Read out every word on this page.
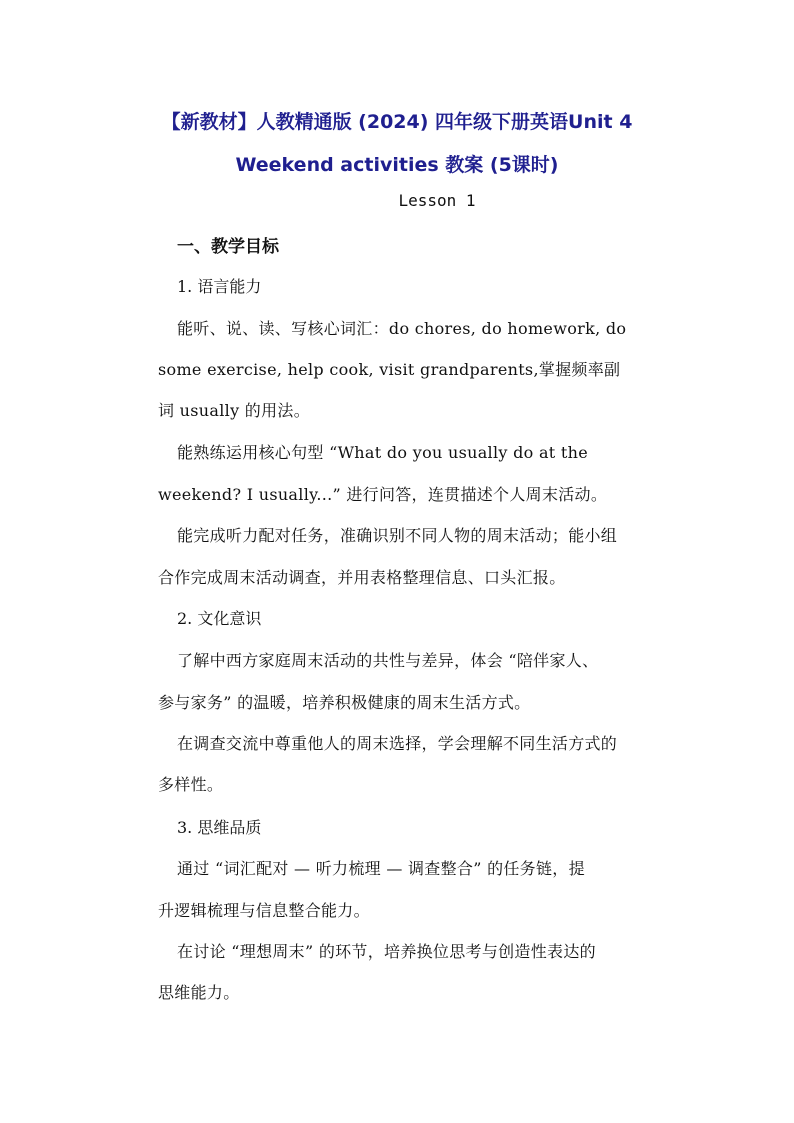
【新教材】人教精通版 (2024) 四年级下册英语Unit 4
Weekend activities 教案 (5课时)
Lesson 1
一、教学目标
1. 语言能力
能听、说、读、写核心词汇：do chores, do homework, do
some exercise, help cook, visit grandparents,掌握频率副
词 usually 的用法。
能熟练运用核心句型 “What do you usually do at the
weekend? I usually...” 进行问答，连贯描述个人周末活动。
能完成听力配对任务，准确识别不同人物的周末活动；能小组
合作完成周末活动调查，并用表格整理信息、口头汇报。
2. 文化意识
了解中西方家庭周末活动的共性与差异，体会 “陪伴家人、
参与家务” 的温暖，培养积极健康的周末生活方式。
在调查交流中尊重他人的周末选择，学会理解不同生活方式的
多样性。
3. 思维品质
通过 “词汇配对 — 听力梳理 — 调查整合” 的任务链，提
升逻辑梳理与信息整合能力。
在讨论 “理想周末” 的环节，培养换位思考与创造性表达的
思维能力。
